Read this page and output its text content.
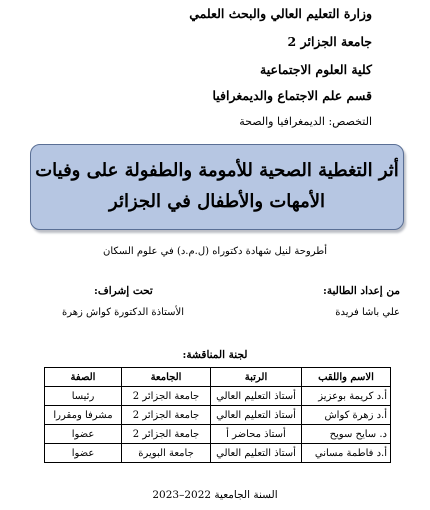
وزارة التعليم العالي والبحث العلمي
جامعة الجزائر 2
كلية العلوم الاجتماعية
قسم علم الاجتماع والديمغرافيا
التخصص: الديمغرافيا والصحة
أثر التغطية الصحية للأمومة والطفولة على وفيات
الأمهات والأطفال في الجزائر
أطروحة لنيل شهادة دكتوراه (ل.م.د) في علوم السكان
من إعداد الطالبة:
علي باشا فريدة
تحت إشراف:
الأستاذة الدكتورة كواش زهرة
لجنة المناقشة:
الاسم واللقب	الرتبة	الجامعة	الصفة
أ.د كريمة بوعزيز	أستاذ التعليم العالي	جامعة الجزائر 2	رئيسا
أ.د زهرة كواش	أستاذ التعليم العالي	جامعة الجزائر 2	مشرفا ومقررا
د. سايح سويح	أستاذ محاضر أ	جامعة الجزائر 2	عضوا
أ.د فاطمة مساني	أستاذ التعليم العالي	جامعة البويرة	عضوا
السنة الجامعية 2022–2023
